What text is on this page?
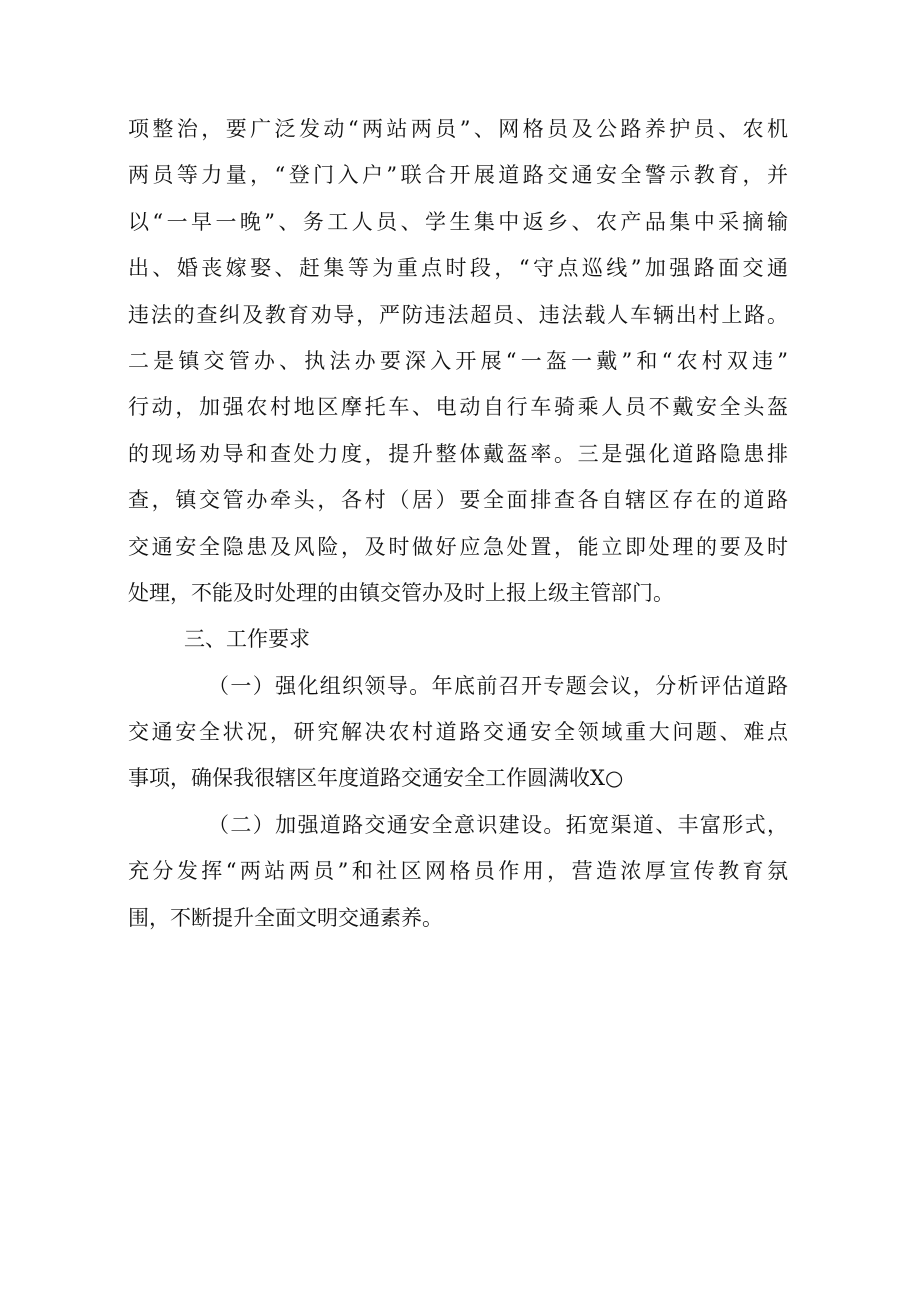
项整治，要广泛发动“两站两员”、网格员及公路养护员、农机
两员等力量，“登门入户”联合开展道路交通安全警示教育，并
以“一早一晚”、务工人员、学生集中返乡、农产品集中采摘输
出、婚丧嫁娶、赶集等为重点时段，“守点巡线”加强路面交通
违法的查纠及教育劝导，严防违法超员、违法载人车辆出村上路。
二是镇交管办、执法办要深入开展“一盔一戴”和“农村双违”
行动，加强农村地区摩托车、电动自行车骑乘人员不戴安全头盔
的现场劝导和查处力度，提升整体戴盔率。三是强化道路隐患排
查，镇交管办牵头，各村（居）要全面排查各自辖区存在的道路
交通安全隐患及风险，及时做好应急处置，能立即处理的要及时
处理，不能及时处理的由镇交管办及时上报上级主管部门。
三、工作要求
（一）强化组织领导。年底前召开专题会议，分析评估道路
交通安全状况，研究解决农村道路交通安全领域重大问题、难点
事项，确保我很辖区年度道路交通安全工作圆满收X○
（二）加强道路交通安全意识建设。拓宽渠道、丰富形式，
充分发挥“两站两员”和社区网格员作用，营造浓厚宣传教育氛
围，不断提升全面文明交通素养。
